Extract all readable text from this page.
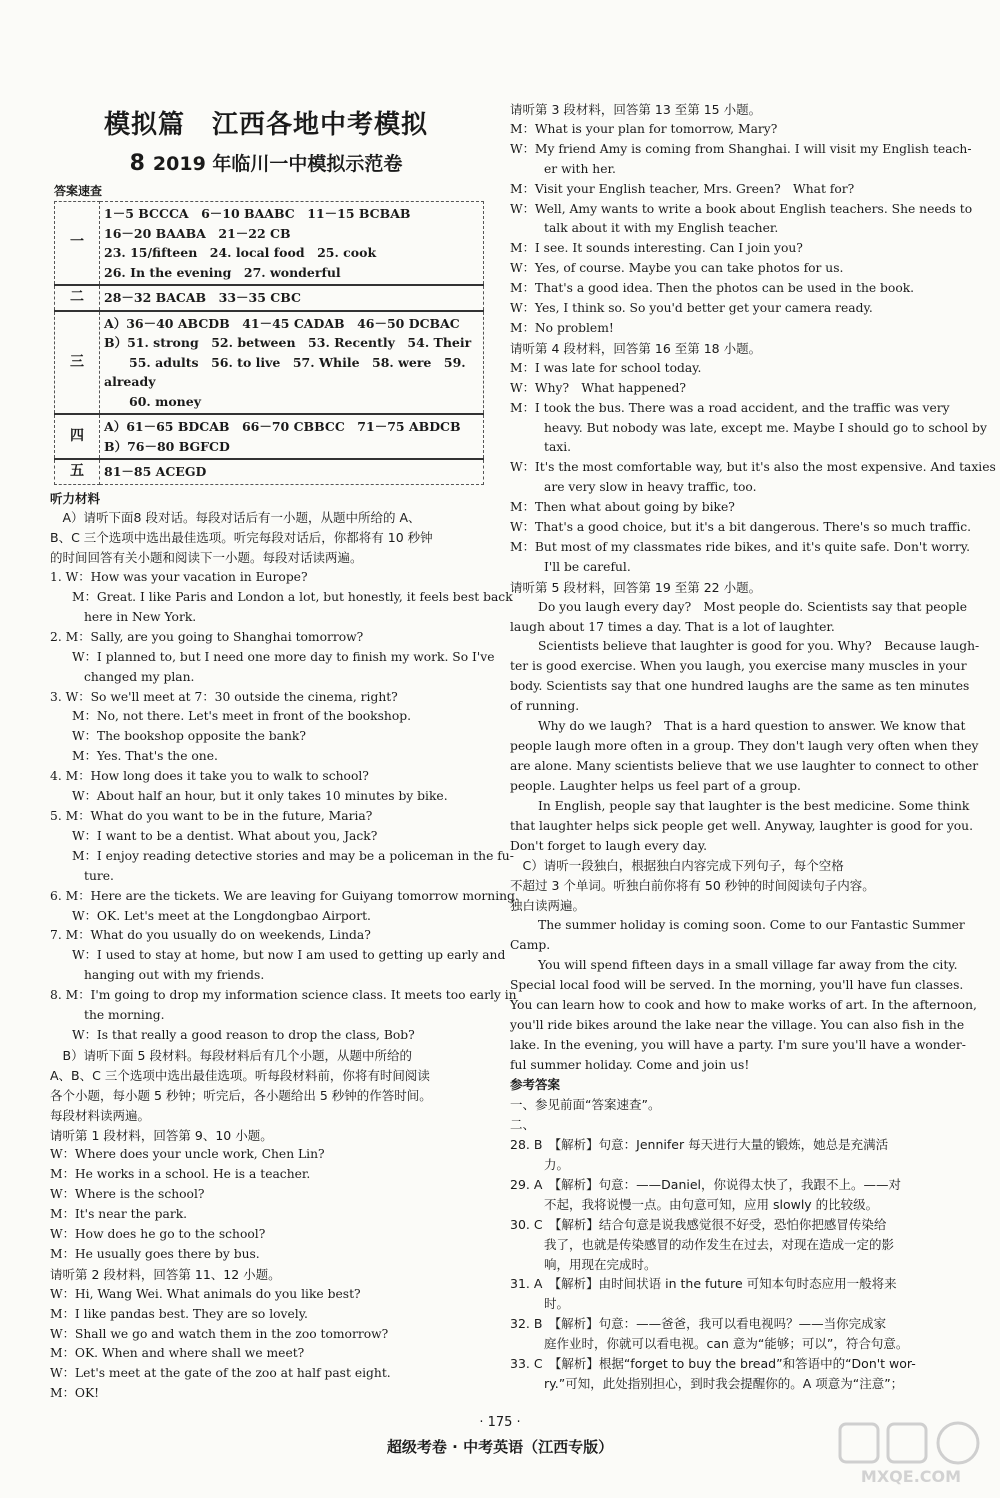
模拟篇　江西各地中考模拟
8 2019 年临川一中模拟示范卷
答案速查
一	1－5 BCCCA　6－10 BAABC　11－15 BCBAB
16－20 BAABA　21－22 CB
23. 15/fifteen　24. local food　25. cook
26. In the evening　27. wonderful

二	28－32 BACAB　33－35 CBC

三	A）36－40 ABCDB　41－45 CADAB　46－50 DCBAC
B）51. strong　52. between　53. Recently　54. Their
　　55. adults　56. to live　57. While　58. were　59. already
　　60. money

四	A）61－65 BDCAB　66－70 CBBCC　71－75 ABDCB
B）76－80 BGFCD

五	81－85 ACEGD
听力材料
　A）请听下面8 段对话。每段对话后有一小题，从题中所给的 A、
B、C 三个选项中选出最佳选项。听完每段对话后，你都将有 10 秒钟
的时间回答有关小题和阅读下一小题。每段对话读两遍。
1. W：How was your vacation in Europe?
M：Great. I like Paris and London a lot, but honestly, it feels best back
here in New York.
2. M：Sally, are you going to Shanghai tomorrow?
W：I planned to, but I need one more day to finish my work. So I've
changed my plan.
3. W：So we'll meet at 7：30 outside the cinema, right?
M：No, not there. Let's meet in front of the bookshop.
W：The bookshop opposite the bank?
M：Yes. That's the one.
4. M：How long does it take you to walk to school?
W：About half an hour, but it only takes 10 minutes by bike.
5. M：What do you want to be in the future, Maria?
W：I want to be a dentist. What about you, Jack?
M：I enjoy reading detective stories and may be a policeman in the fu-
ture.
6. M：Here are the tickets. We are leaving for Guiyang tomorrow morning.
W：OK. Let's meet at the Longdongbao Airport.
7. M：What do you usually do on weekends, Linda?
W：I used to stay at home, but now I am used to getting up early and
hanging out with my friends.
8. M：I'm going to drop my information science class. It meets too early in
the morning.
W：Is that really a good reason to drop the class, Bob?
　B）请听下面 5 段材料。每段材料后有几个小题，从题中所给的
A、B、C 三个选项中选出最佳选项。听每段材料前，你将有时间阅读
各个小题，每小题 5 秒钟；听完后，各小题给出 5 秒钟的作答时间。
每段材料读两遍。
请听第 1 段材料，回答第 9、10 小题。
W：Where does your uncle work, Chen Lin?
M：He works in a school. He is a teacher.
W：Where is the school?
M：It's near the park.
W：How does he go to the school?
M：He usually goes there by bus.
请听第 2 段材料，回答第 11、12 小题。
W：Hi, Wang Wei. What animals do you like best?
M：I like pandas best. They are so lovely.
W：Shall we go and watch them in the zoo tomorrow?
M：OK. When and where shall we meet?
W：Let's meet at the gate of the zoo at half past eight.
M：OK!
请听第 3 段材料，回答第 13 至第 15 小题。
M：What is your plan for tomorrow, Mary?
W：My friend Amy is coming from Shanghai. I will visit my English teach-
er with her.
M：Visit your English teacher, Mrs. Green?　What for?
W：Well, Amy wants to write a book about English teachers. She needs to
talk about it with my English teacher.
M：I see. It sounds interesting. Can I join you?
W：Yes, of course. Maybe you can take photos for us.
M：That's a good idea. Then the photos can be used in the book.
W：Yes, I think so. So you'd better get your camera ready.
M：No problem!
请听第 4 段材料，回答第 16 至第 18 小题。
M：I was late for school today.
W：Why?　What happened?
M：I took the bus. There was a road accident, and the traffic was very
heavy. But nobody was late, except me. Maybe I should go to school by
taxi.
W：It's the most comfortable way, but it's also the most expensive. And taxies
are very slow in heavy traffic, too.
M：Then what about going by bike?
W：That's a good choice, but it's a bit dangerous. There's so much traffic.
M：But most of my classmates ride bikes, and it's quite safe. Don't worry.
I'll be careful.
请听第 5 段材料，回答第 19 至第 22 小题。
Do you laugh every day?　Most people do. Scientists say that people
laugh about 17 times a day. That is a lot of laughter.
Scientists believe that laughter is good for you. Why?　Because laugh-
ter is good exercise. When you laugh, you exercise many muscles in your
body. Scientists say that one hundred laughs are the same as ten minutes
of running.
Why do we laugh?　That is a hard question to answer. We know that
people laugh more often in a group. They don't laugh very often when they
are alone. Many scientists believe that we use laughter to connect to other
people. Laughter helps us feel part of a group.
In English, people say that laughter is the best medicine. Some think
that laughter helps sick people get well. Anyway, laughter is good for you.
Don't forget to laugh every day.
　C）请听一段独白，根据独白内容完成下列句子，每个空格
不超过 3 个单词。听独白前你将有 50 秒钟的时间阅读句子内容。
独白读两遍。
The summer holiday is coming soon. Come to our Fantastic Summer
Camp.
You will spend fifteen days in a small village far away from the city.
Special local food will be served. In the morning, you'll have fun classes.
You can learn how to cook and how to make works of art. In the afternoon,
you'll ride bikes around the lake near the village. You can also fish in the
lake. In the evening, you will have a party. I'm sure you'll have a wonder-
ful summer holiday. Come and join us!
参考答案
一、参见前面“答案速查”。
二、
28. B　【解析】句意：Jennifer 每天进行大量的锻炼，她总是充满活
力。
29. A　【解析】句意：——Daniel，你说得太快了，我跟不上。——对
不起，我将说慢一点。由句意可知，应用 slowly 的比较级。
30. C　【解析】结合句意是说我感觉很不好受，恐怕你把感冒传染给
我了，也就是传染感冒的动作发生在过去，对现在造成一定的影
响，用现在完成时。
31. A　【解析】由时间状语 in the future 可知本句时态应用一般将来
时。
32. B　【解析】句意：——爸爸，我可以看电视吗？——当你完成家
庭作业时，你就可以看电视。can 意为“能够；可以”，符合句意。
33. C　【解析】根据“forget to buy the bread”和答语中的“Don't wor-
ry.”可知，此处指别担心，到时我会提醒你的。A 项意为“注意”；
· 175 ·
超级考卷 · 中考英语（江西专版）
MXQE.COM
